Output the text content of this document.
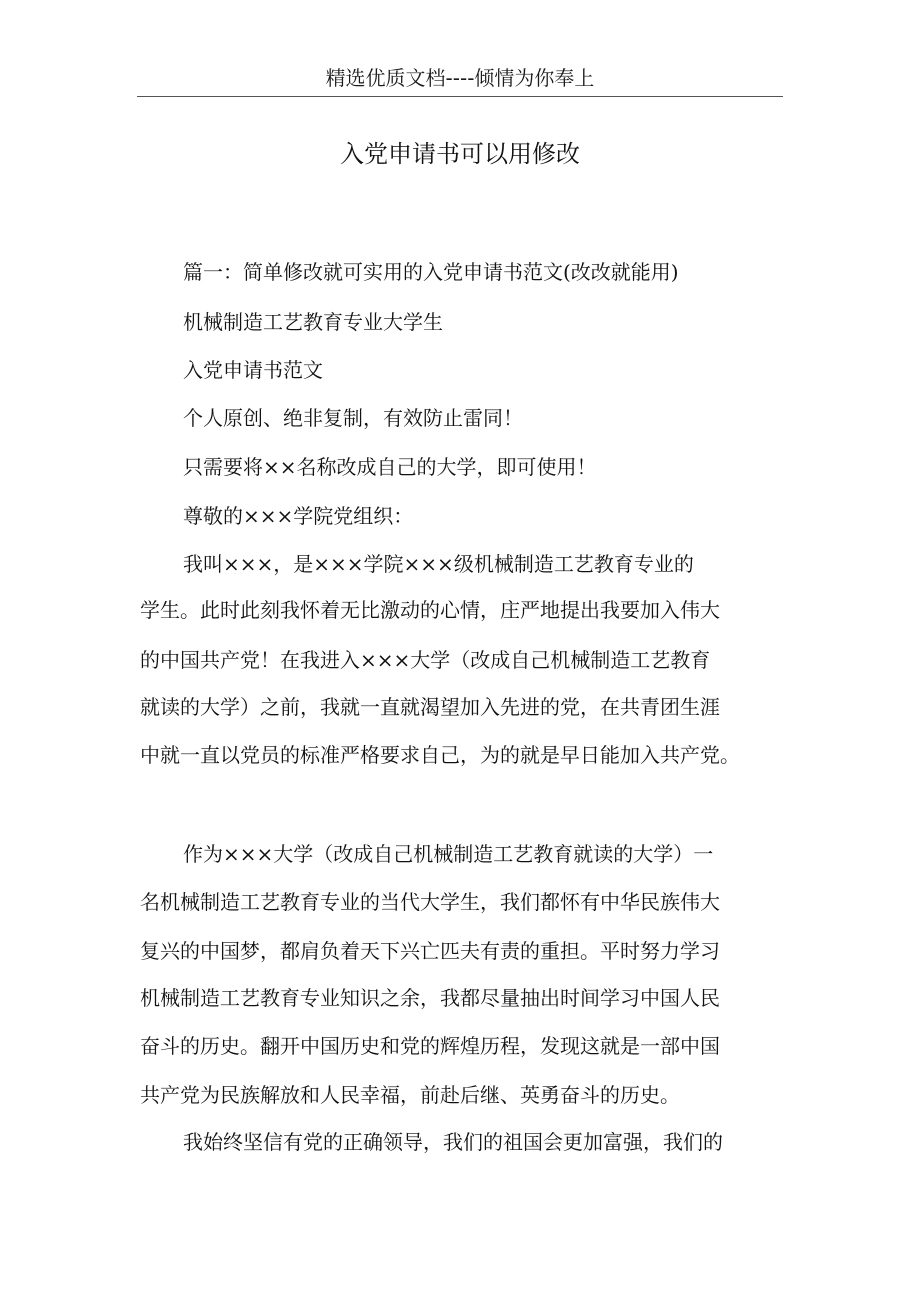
精选优质文档----倾情为你奉上
入党申请书可以用修改
篇一：简单修改就可实用的入党申请书范文(改改就能用)
机械制造工艺教育专业大学生
入党申请书范文
个人原创、绝非复制，有效防止雷同！
只需要将××名称改成自己的大学，即可使用！
尊敬的×××学院党组织：
我叫×××，是×××学院×××级机械制造工艺教育专业的
学生。此时此刻我怀着无比激动的心情，庄严地提出我要加入伟大
的中国共产党！在我进入×××大学（改成自己机械制造工艺教育
就读的大学）之前，我就一直就渴望加入先进的党，在共青团生涯
中就一直以党员的标准严格要求自己，为的就是早日能加入共产党。
作为×××大学（改成自己机械制造工艺教育就读的大学）一
名机械制造工艺教育专业的当代大学生，我们都怀有中华民族伟大
复兴的中国梦，都肩负着天下兴亡匹夫有责的重担。平时努力学习
机械制造工艺教育专业知识之余，我都尽量抽出时间学习中国人民
奋斗的历史。翻开中国历史和党的辉煌历程，发现这就是一部中国
共产党为民族解放和人民幸福，前赴后继、英勇奋斗的历史。
我始终坚信有党的正确领导，我们的祖国会更加富强，我们的
